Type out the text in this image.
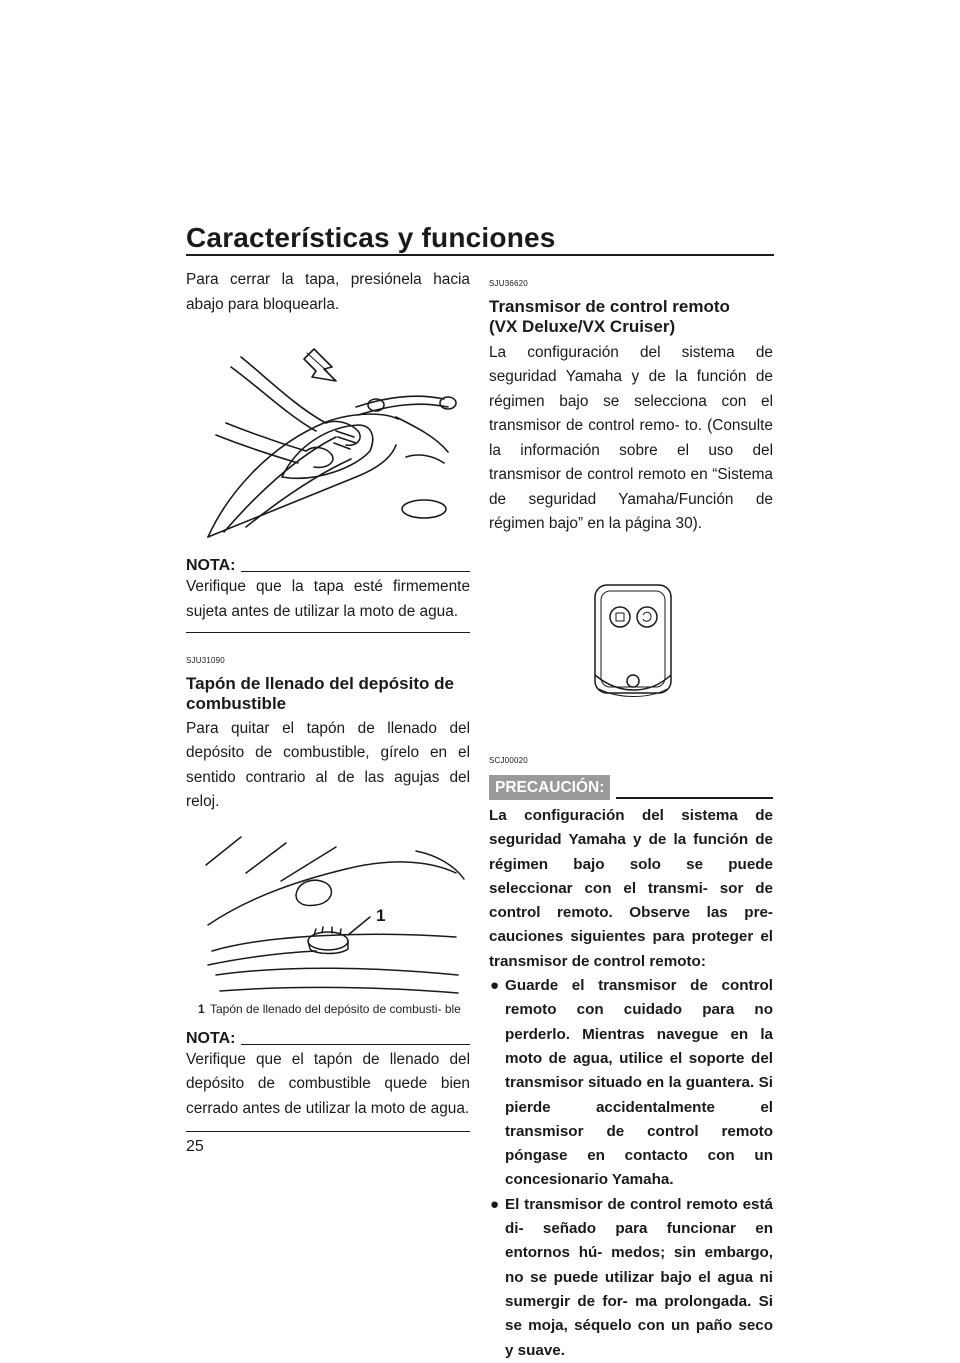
Características y funciones

Para cerrar la tapa, presiónela hacia abajo para bloquearla.

NOTA:

Verifique que la tapa esté firmemente sujeta antes de utilizar la moto de agua.

SJU31090

Tapón de llenado del depósito de combustible

Para quitar el tapón de llenado del depósito de combustible, gírelo en el sentido contrario al de las agujas del reloj.

1
1 Tapón de llenado del depósito de combusti- ble
NOTA:

Verifique que el tapón de llenado del depósito de combustible quede bien cerrado antes de utilizar la moto de agua.

SJU36620

Transmisor de control remoto
(VX Deluxe/VX Cruiser)

La configuración del sistema de seguridad Yamaha y de la función de régimen bajo se selecciona con el transmisor de control remo- to. (Consulte la información sobre el uso del transmisor de control remoto en “Sistema de seguridad Yamaha/Función de régimen bajo” en la página 30).

SCJ00020

PRECAUCIÓN:

La configuración del sistema de seguridad Yamaha y de la función de régimen bajo solo se puede seleccionar con el transmi- sor de control remoto. Observe las pre- cauciones siguientes para proteger el transmisor de control remoto:

● Guarde el transmisor de control remoto con cuidado para no perderlo. Mientras navegue en la moto de agua, utilice el soporte del transmisor situado en la guantera. Si pierde accidentalmente el transmisor de control remoto póngase en contacto con un concesionario Yamaha.
● El transmisor de control remoto está di- señado para funcionar en entornos hú- medos; sin embargo, no se puede utilizar bajo el agua ni sumergir de for- ma prolongada. Si se moja, séquelo con un paño seco y suave.
25
